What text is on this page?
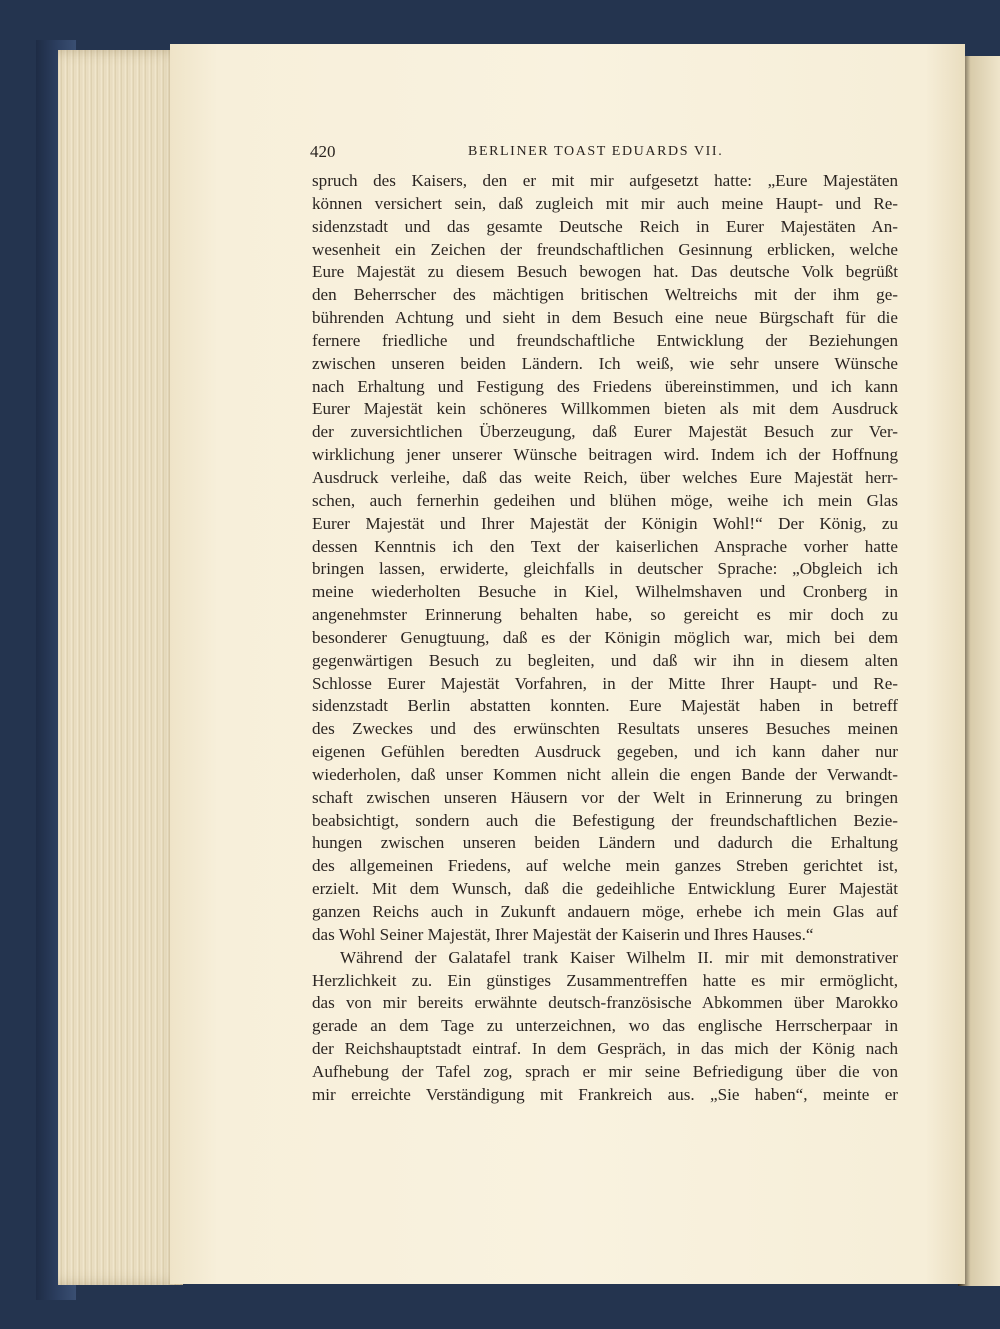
420	BERLINER TOAST EDUARDS VII.
spruch des Kaisers, den er mit mir aufgesetzt hatte: „Eure Majestäten
können versichert sein, daß zugleich mit mir auch meine Haupt- und Re-
sidenzstadt und das gesamte Deutsche Reich in Eurer Majestäten An-
wesenheit ein Zeichen der freundschaftlichen Gesinnung erblicken, welche
Eure Majestät zu diesem Besuch bewogen hat. Das deutsche Volk begrüßt
den Beherrscher des mächtigen britischen Weltreichs mit der ihm ge-
bührenden Achtung und sieht in dem Besuch eine neue Bürgschaft für die
fernere friedliche und freundschaftliche Entwicklung der Beziehungen
zwischen unseren beiden Ländern. Ich weiß, wie sehr unsere Wünsche
nach Erhaltung und Festigung des Friedens übereinstimmen, und ich kann
Eurer Majestät kein schöneres Willkommen bieten als mit dem Ausdruck
der zuversichtlichen Überzeugung, daß Eurer Majestät Besuch zur Ver-
wirklichung jener unserer Wünsche beitragen wird. Indem ich der Hoffnung
Ausdruck verleihe, daß das weite Reich, über welches Eure Majestät herr-
schen, auch fernerhin gedeihen und blühen möge, weihe ich mein Glas
Eurer Majestät und Ihrer Majestät der Königin Wohl!“ Der König, zu
dessen Kenntnis ich den Text der kaiserlichen Ansprache vorher hatte
bringen lassen, erwiderte, gleichfalls in deutscher Sprache: „Obgleich ich
meine wiederholten Besuche in Kiel, Wilhelmshaven und Cronberg in
angenehmster Erinnerung behalten habe, so gereicht es mir doch zu
besonderer Genugtuung, daß es der Königin möglich war, mich bei dem
gegenwärtigen Besuch zu begleiten, und daß wir ihn in diesem alten
Schlosse Eurer Majestät Vorfahren, in der Mitte Ihrer Haupt- und Re-
sidenzstadt Berlin abstatten konnten. Eure Majestät haben in betreff
des Zweckes und des erwünschten Resultats unseres Besuches meinen
eigenen Gefühlen beredten Ausdruck gegeben, und ich kann daher nur
wiederholen, daß unser Kommen nicht allein die engen Bande der Verwandt-
schaft zwischen unseren Häusern vor der Welt in Erinnerung zu bringen
beabsichtigt, sondern auch die Befestigung der freundschaftlichen Bezie-
hungen zwischen unseren beiden Ländern und dadurch die Erhaltung
des allgemeinen Friedens, auf welche mein ganzes Streben gerichtet ist,
erzielt. Mit dem Wunsch, daß die gedeihliche Entwicklung Eurer Majestät
ganzen Reichs auch in Zukunft andauern möge, erhebe ich mein Glas auf
das Wohl Seiner Majestät, Ihrer Majestät der Kaiserin und Ihres Hauses.“
Während der Galatafel trank Kaiser Wilhelm II. mir mit demonstrativer
Herzlichkeit zu. Ein günstiges Zusammentreffen hatte es mir ermöglicht,
das von mir bereits erwähnte deutsch-französische Abkommen über Marokko
gerade an dem Tage zu unterzeichnen, wo das englische Herrscherpaar in
der Reichshauptstadt eintraf. In dem Gespräch, in das mich der König nach
Aufhebung der Tafel zog, sprach er mir seine Befriedigung über die von
mir erreichte Verständigung mit Frankreich aus. „Sie haben“, meinte er
